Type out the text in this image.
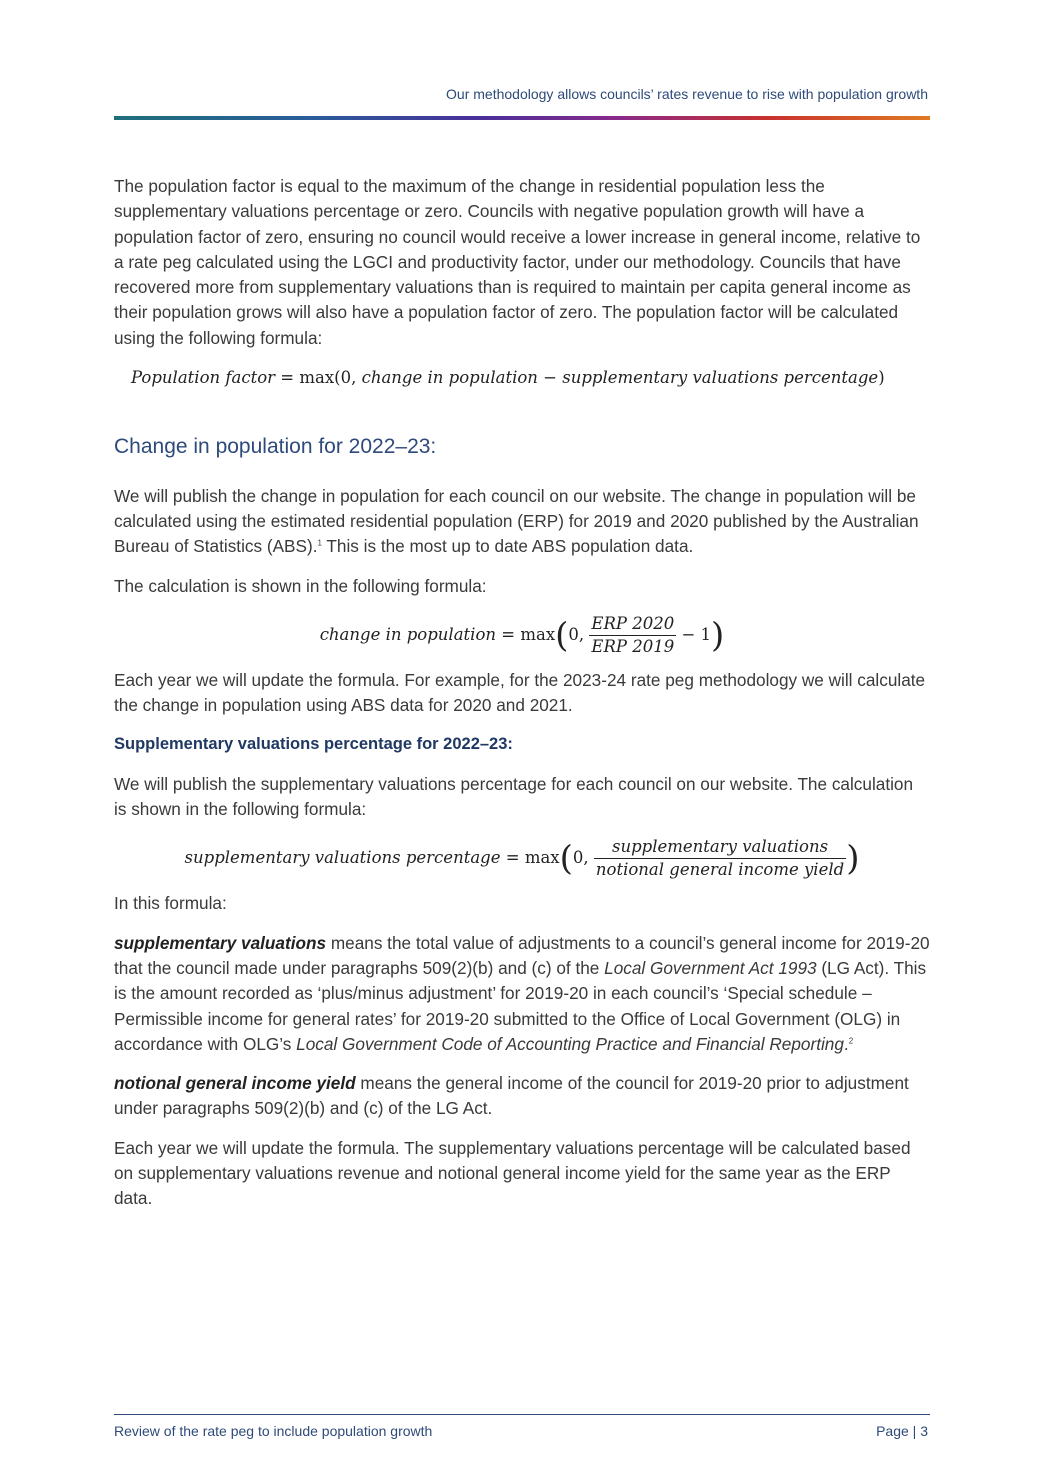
Our methodology allows councils’ rates revenue to rise with population growth

The population factor is equal to the maximum of the change in residential population less the supplementary valuations percentage or zero. Councils with negative population growth will have a population factor of zero, ensuring no council would receive a lower increase in general income, relative to a rate peg calculated using the LGCI and productivity factor, under our methodology. Councils that have recovered more from supplementary valuations than is required to maintain per capita general income as their population grows will also have a population factor of zero. The population factor will be calculated using the following formula:

Population factor = max(0, change in population − supplementary valuations percentage)
Change in population for 2022–23:

We will publish the change in population for each council on our website. The change in population will be calculated using the estimated residential population (ERP) for 2019 and 2020 published by the Australian Bureau of Statistics (ABS).$^1$ This is the most up to date ABS population data.

The calculation is shown in the following formula:

change in population = max(0, $\frac{\text{ERP 2020}}{\text{ERP 2019}} - 1$)

Each year we will update the formula. For example, for the 2023-24 rate peg methodology we will calculate the change in population using ABS data for 2020 and 2021.

Supplementary valuations percentage for 2022–23:

We will publish the supplementary valuations percentage for each council on our website. The calculation is shown in the following formula:

supplementary valuations percentage = max(0, $\frac{\text{supplementary valuations}}{\text{notional general income yield}}$ )

In this formula:

supplementary valuations means the total value of adjustments to a council’s general income for 2019-20 that the council made under paragraphs 509(2)(b) and (c) of the Local Government Act 1993 (LG Act). This is the amount recorded as ‘plus/minus adjustment’ for 2019-20 in each council’s ‘Special schedule – Permissible income for general rates’ for 2019-20 submitted to the Office of Local Government (OLG) in accordance with OLG’s Local Government Code of Accounting Practice and Financial Reporting.$^2$

notional general income yield means the general income of the council for 2019-20 prior to adjustment under paragraphs 509(2)(b) and (c) of the LG Act.

Each year we will update the formula. The supplementary valuations percentage will be calculated based on supplementary valuations revenue and notional general income yield for the same year as the ERP data.

Review of the rate peg to include population growth	Page | 3
